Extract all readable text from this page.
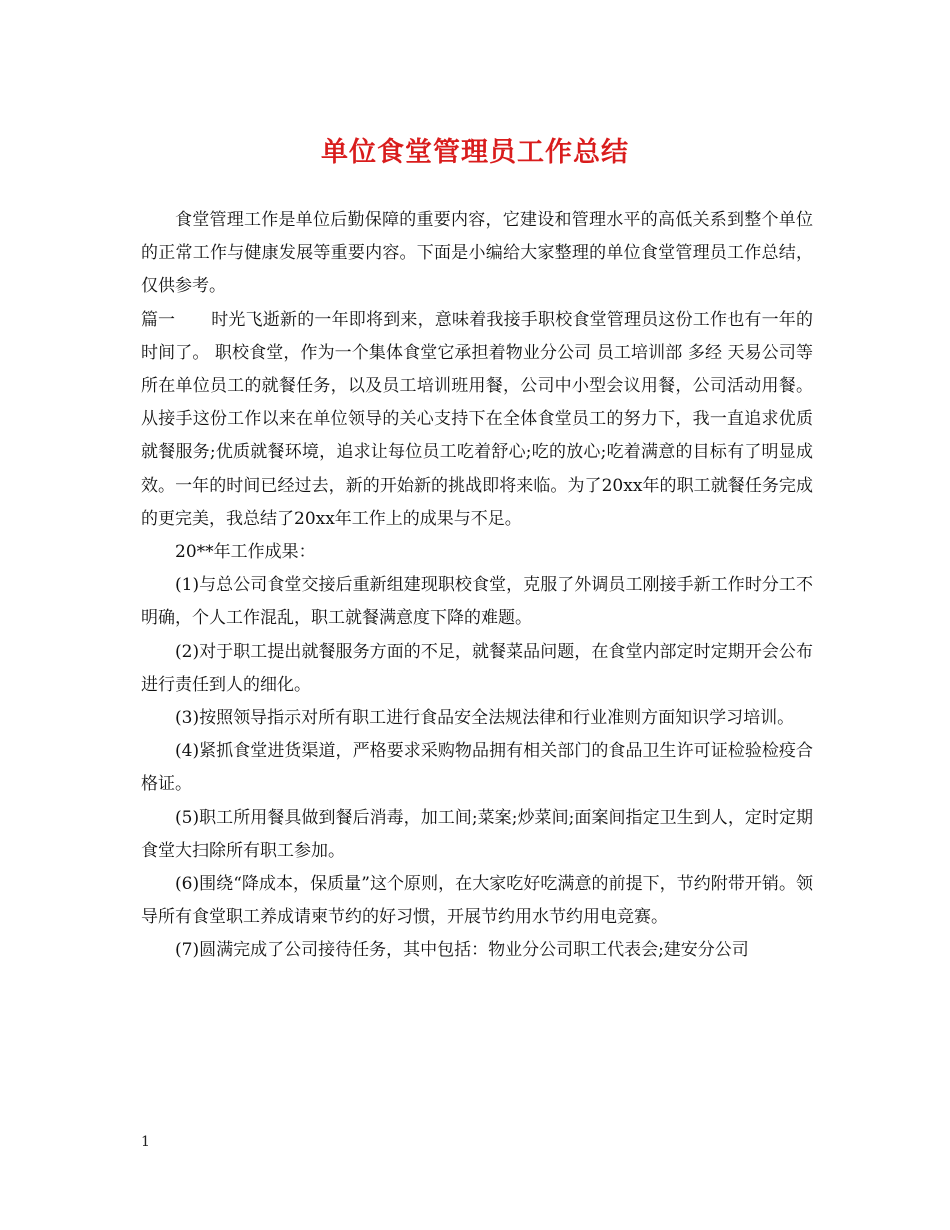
单位食堂管理员工作总结

食堂管理工作是单位后勤保障的重要内容，它建设和管理水平的高低关系到整个单位的正常工作与健康发展等重要内容。下面是小编给大家整理的单位食堂管理员工作总结，仅供参考。

篇一 时光飞逝新的一年即将到来，意味着我接手职校食堂管理员这份工作也有一年的时间了。 职校食堂，作为一个集体食堂它承担着物业分公司 员工培训部 多经 天易公司等所在单位员工的就餐任务，以及员工培训班用餐，公司中小型会议用餐，公司活动用餐。从接手这份工作以来在单位领导的关心支持下在全体食堂员工的努力下，我一直追求优质就餐服务;优质就餐环境，追求让每位员工吃着舒心;吃的放心;吃着满意的目标有了明显成效。一年的时间已经过去，新的开始新的挑战即将来临。为了20xx年的职工就餐任务完成的更完美，我总结了20xx年工作上的成果与不足。

20**年工作成果：

(1)与总公司食堂交接后重新组建现职校食堂，克服了外调员工刚接手新工作时分工不明确，个人工作混乱，职工就餐满意度下降的难题。

(2)对于职工提出就餐服务方面的不足，就餐菜品问题，在食堂内部定时定期开会公布 进行责任到人的细化。

(3)按照领导指示对所有职工进行食品安全法规法律和行业准则方面知识学习培训。

(4)紧抓食堂进货渠道，严格要求采购物品拥有相关部门的食品卫生许可证检验检疫合格证。

(5)职工所用餐具做到餐后消毒，加工间;菜案;炒菜间;面案间指定卫生到人，定时定期食堂大扫除所有职工参加。

(6)围绕“降成本，保质量”这个原则，在大家吃好吃满意的前提下，节约附带开销。领导所有食堂职工养成请柬节约的好习惯，开展节约用水节约用电竞赛。

(7)圆满完成了公司接待任务，其中包括：物业分公司职工代表会;建安分公司

1
